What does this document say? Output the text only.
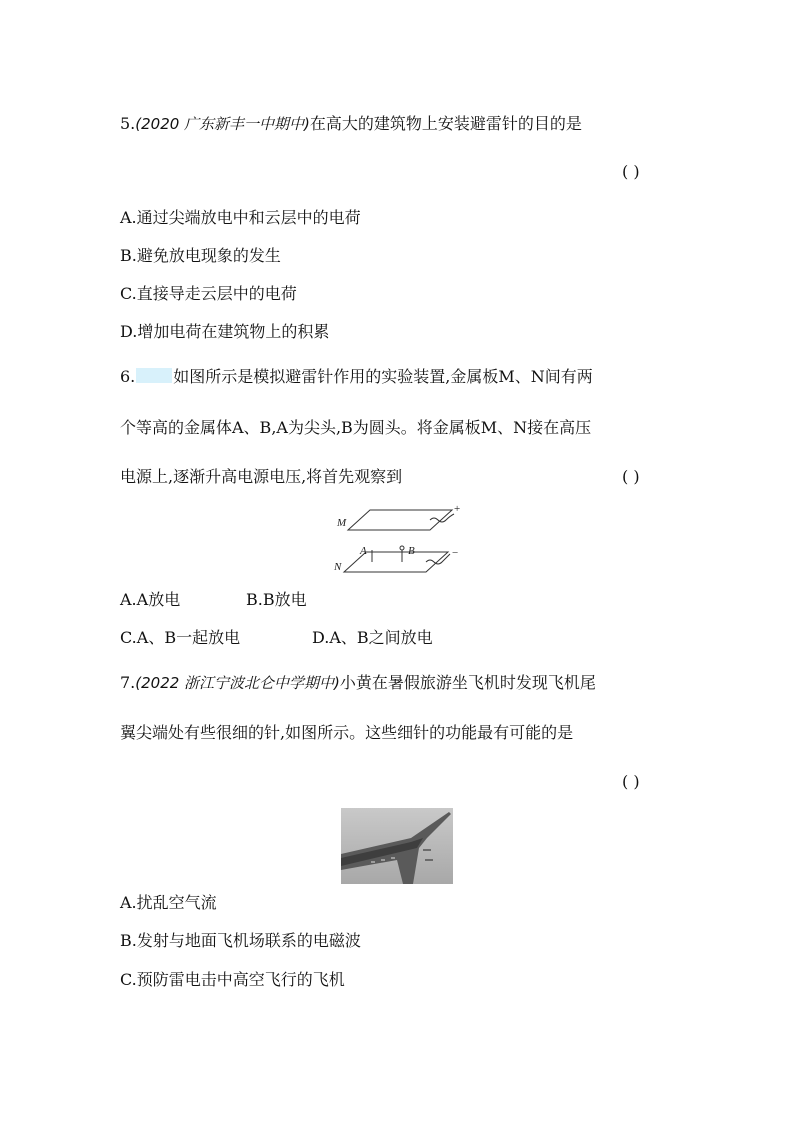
5.(2020 广东新丰一中期中)在高大的建筑物上安装避雷针的目的是
( )
A.通过尖端放电中和云层中的电荷
B.避免放电现象的发生
C.直接导走云层中的电荷
D.增加电荷在建筑物上的积累
6. 如图所示是模拟避雷针作用的实验装置,金属板M、N间有两
个等高的金属体A、B,A为尖头,B为圆头。将金属板M、N接在高压
电源上,逐渐升高电源电压,将首先观察到	( )
M
+
N
−
A	B
A.A放电	B.B放电
C.A、B一起放电	D.A、B之间放电
7.(2022 浙江宁波北仑中学期中)小黄在暑假旅游坐飞机时发现飞机尾
翼尖端处有些很细的针,如图所示。这些细针的功能最有可能的是
( )
A.扰乱空气流
B.发射与地面飞机场联系的电磁波
C.预防雷电击中高空飞行的飞机
